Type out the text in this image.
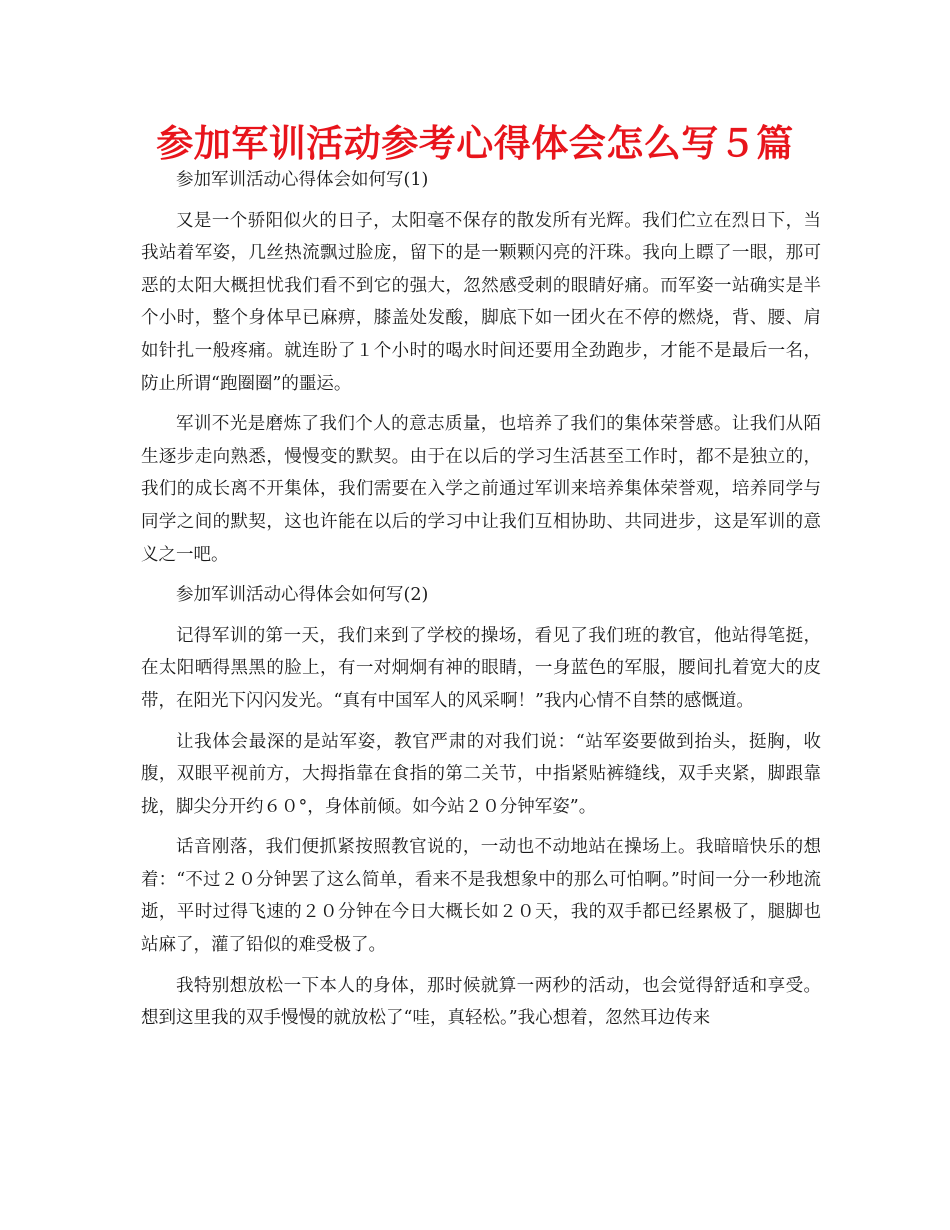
参加军训活动参考心得体会怎么写５篇

参加军训活动心得体会如何写(1)

又是一个骄阳似火的日子，太阳毫不保存的散发所有光辉。我们伫立在烈日下，当我站着军姿，几丝热流飘过脸庞，留下的是一颗颗闪亮的汗珠。我向上瞟了一眼，那可恶的太阳大概担忧我们看不到它的强大，忽然感受刺的眼睛好痛。而军姿一站确实是半个小时，整个身体早已麻痹，膝盖处发酸，脚底下如一团火在不停的燃烧，背、腰、肩如针扎一般疼痛。就连盼了１个小时的喝水时间还要用全劲跑步，才能不是最后一名，防止所谓“跑圈圈”的噩运。

军训不光是磨炼了我们个人的意志质量，也培养了我们的集体荣誉感。让我们从陌生逐步走向熟悉，慢慢变的默契。由于在以后的学习生活甚至工作时，都不是独立的，我们的成长离不开集体，我们需要在入学之前通过军训来培养集体荣誉观，培养同学与同学之间的默契，这也许能在以后的学习中让我们互相协助、共同进步，这是军训的意义之一吧。

参加军训活动心得体会如何写(2)

记得军训的第一天，我们来到了学校的操场，看见了我们班的教官，他站得笔挺，在太阳晒得黑黑的脸上，有一对炯炯有神的眼睛，一身蓝色的军服，腰间扎着宽大的皮带，在阳光下闪闪发光。“真有中国军人的风采啊！”我内心情不自禁的感慨道。

让我体会最深的是站军姿，教官严肃的对我们说：“站军姿要做到抬头，挺胸，收腹，双眼平视前方，大拇指靠在食指的第二关节，中指紧贴裤缝线，双手夹紧，脚跟靠拢，脚尖分开约６０°，身体前倾。如今站２０分钟军姿”。

话音刚落，我们便抓紧按照教官说的，一动也不动地站在操场上。我暗暗快乐的想着：“不过２０分钟罢了这么简单，看来不是我想象中的那么可怕啊。”时间一分一秒地流逝，平时过得飞速的２０分钟在今日大概长如２０天，我的双手都已经累极了，腿脚也站麻了，灌了铅似的难受极了。

我特别想放松一下本人的身体，那时候就算一两秒的活动，也会觉得舒适和享受。想到这里我的双手慢慢的就放松了“哇，真轻松。”我心想着，忽然耳边传来
